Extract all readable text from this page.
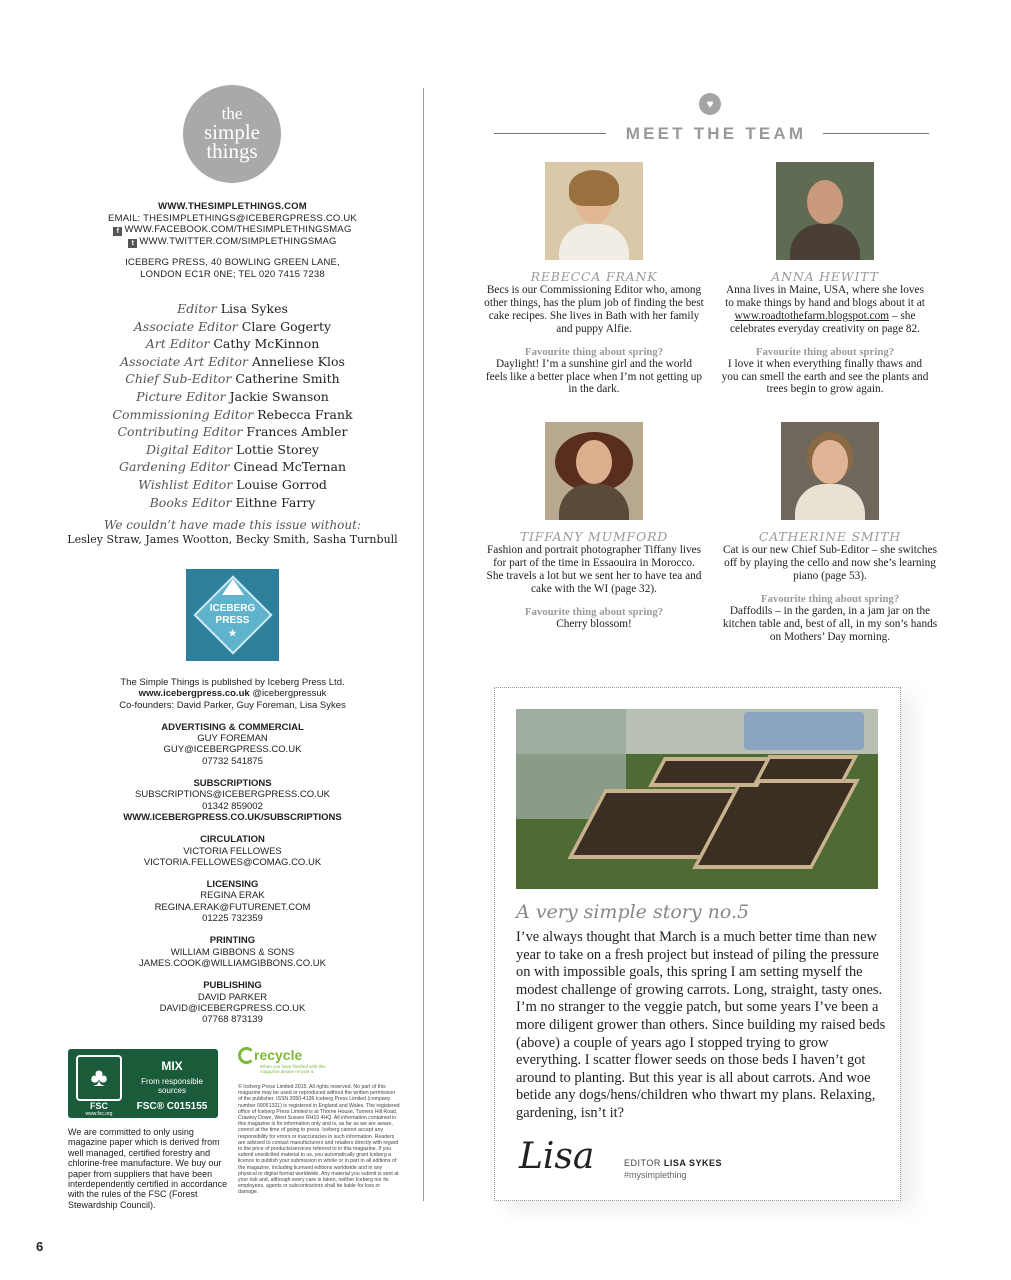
the
simple
things
WWW.THESIMPLETHINGS.COM
EMAIL: THESIMPLETHINGS@ICEBERGPRESS.CO.UK
f WWW.FACEBOOK.COM/THESIMPLETHINGSMAG
t WWW.TWITTER.COM/SIMPLETHINGSMAG
ICEBERG PRESS, 40 BOWLING GREEN LANE,
LONDON EC1R 0NE; TEL 020 7415 7238
Editor Lisa Sykes
Associate Editor Clare Gogerty
Art Editor Cathy McKinnon
Associate Art Editor Anneliese Klos
Chief Sub-Editor Catherine Smith
Picture Editor Jackie Swanson
Commissioning Editor Rebecca Frank
Contributing Editor Frances Ambler
Digital Editor Lottie Storey
Gardening Editor Cinead McTernan
Wishlist Editor Louise Gorrod
Books Editor Eithne Farry
We couldn’t have made this issue without:
Lesley Straw, James Wootton, Becky Smith, Sasha Turnbull
ICEBERG
PRESS
★
The Simple Things is published by Iceberg Press Ltd.
www.icebergpress.co.uk @icebergpressuk
Co-founders: David Parker, Guy Foreman, Lisa Sykes
ADVERTISING & COMMERCIAL
GUY FOREMAN
GUY@ICEBERGPRESS.CO.UK
07732 541875
SUBSCRIPTIONS
SUBSCRIPTIONS@ICEBERGPRESS.CO.UK
01342 859002
WWW.ICEBERGPRESS.CO.UK/SUBSCRIPTIONS
CIRCULATION
VICTORIA FELLOWES
VICTORIA.FELLOWES@COMAG.CO.UK
LICENSING
REGINA ERAK
REGINA.ERAK@FUTURENET.COM
01225 732359
PRINTING
WILLIAM GIBBONS & SONS
JAMES.COOK@WILLIAMGIBBONS.CO.UK
PUBLISHING
DAVID PARKER
DAVID@ICEBERGPRESS.CO.UK
07768 873139
♣
FSC
www.fsc.org
MIX
From responsible sources
FSC® C015155
We are committed to only using magazine paper which is derived from well managed, certified forestry and chlorine-free manufacture. We buy our paper from suppliers that have been interdependently certified in accordance with the rules of the FSC (Forest Stewardship Council).
recycle
When you have finished with this magazine please recycle it.
© Iceberg Press Limited 2015. All rights reserved. No part of this magazine may be used or reproduced without the written permission of the publisher. ISSN 2050-4136 Iceberg Press Limited (company number 09051321) is registered in England and Wales. The registered office of Iceberg Press Limited is at Thorne House, Turners Hill Road, Crawley Down, West Sussex RH10 4HQ. All information contained in this magazine is for information only and is, as far as we are aware, correct at the time of going to press. Iceberg cannot accept any responsibility for errors or inaccuracies in such information. Readers are advised to contact manufacturers and retailers directly with regard to the price of products/services referred to in this magazine. If you submit unsolicited material to us, you automatically grant Iceberg a licence to publish your submission in whole or in part in all editions of the magazine, including licensed editions worldwide and in any physical or digital format worldwide. Any material you submit is sent at your risk and, although every care is taken, neither Iceberg nor its employees, agents or subcontractors shall be liable for loss or damage.
♥
MEET THE TEAM
REBECCA FRANK
Becs is our Commissioning Editor who, among other things, has the plum job of finding the best cake recipes. She lives in Bath with her family and puppy Alfie.
Favourite thing about spring?
Daylight! I’m a sunshine girl and the world feels like a better place when I’m not getting up in the dark.
ANNA HEWITT
Anna lives in Maine, USA, where she loves to make things by hand and blogs about it at www.roadtothefarm.blogspot.com – she celebrates everyday creativity on page 82.
Favourite thing about spring?
I love it when everything finally thaws and you can smell the earth and see the plants and trees begin to grow again.
TIFFANY MUMFORD
Fashion and portrait photographer Tiffany lives for part of the time in Essaouira in Morocco. She travels a lot but we sent her to have tea and cake with the WI (page 32).
Favourite thing about spring?
Cherry blossom!
CATHERINE SMITH
Cat is our new Chief Sub-Editor – she switches off by playing the cello and now she’s learning piano (page 53).
Favourite thing about spring?
Daffodils – in the garden, in a jam jar on the kitchen table and, best of all, in my son’s hands on Mothers’ Day morning.
A very simple story no.5
I’ve always thought that March is a much better time than new year to take on a fresh project but instead of piling the pressure on with impossible goals, this spring I am setting myself the modest challenge of growing carrots. Long, straight, tasty ones. I’m no stranger to the veggie patch, but some years I’ve been a more diligent grower than others. Since building my raised beds (above) a couple of years ago I stopped trying to grow everything. I scatter flower seeds on those beds I haven’t got around to planting. But this year is all about carrots. And woe betide any dogs/hens/children who thwart my plans. Relaxing, gardening, isn’t it?
Lisa	EDITOR LISA SYKES
#mysimplething
6
